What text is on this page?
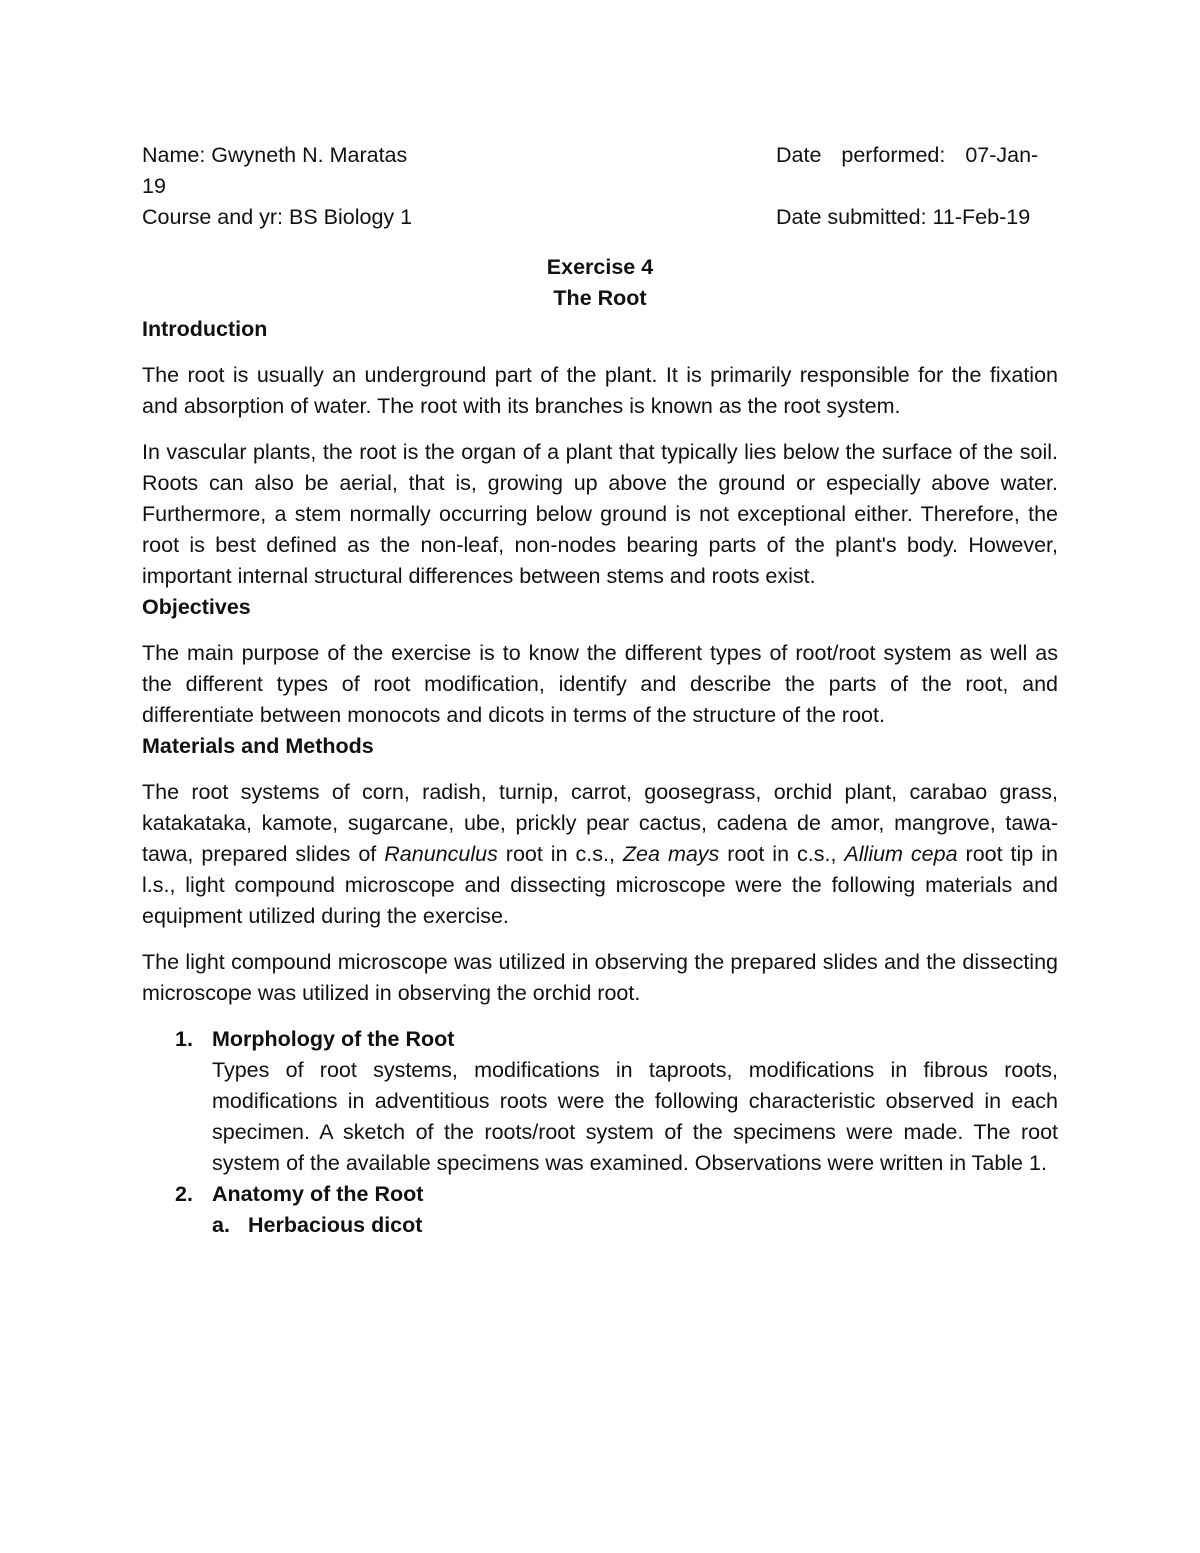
Name: Gwyneth N. Maratas	Date performed: 07-Jan-
19
Course and yr: BS Biology 1	Date submitted: 11-Feb-19
Exercise 4
The Root
Introduction

The root is usually an underground part of the plant. It is primarily responsible for the fixation and absorption of water. The root with its branches is known as the root system.

In vascular plants, the root is the organ of a plant that typically lies below the surface of the soil. Roots can also be aerial, that is, growing up above the ground or especially above water. Furthermore, a stem normally occurring below ground is not exceptional either. Therefore, the root is best defined as the non-leaf, non-nodes bearing parts of the plant's body. However, important internal structural differences between stems and roots exist.

Objectives

The main purpose of the exercise is to know the different types of root/root system as well as the different types of root modification, identify and describe the parts of the root, and differentiate between monocots and dicots in terms of the structure of the root.

Materials and Methods

The root systems of corn, radish, turnip, carrot, goosegrass, orchid plant, carabao grass, katakataka, kamote, sugarcane, ube, prickly pear cactus, cadena de amor, mangrove, tawa-tawa, prepared slides of Ranunculus root in c.s., Zea mays root in c.s., Allium cepa root tip in l.s., light compound microscope and dissecting microscope were the following materials and equipment utilized during the exercise.

The light compound microscope was utilized in observing the prepared slides and the dissecting microscope was utilized in observing the orchid root.

1. Morphology of the Root
Types of root systems, modifications in taproots, modifications in fibrous roots, modifications in adventitious roots were the following characteristic observed in each specimen. A sketch of the roots/root system of the specimens were made. The root system of the available specimens was examined. Observations were written in Table 1.
2. Anatomy of the Root
a. Herbacious dicot
